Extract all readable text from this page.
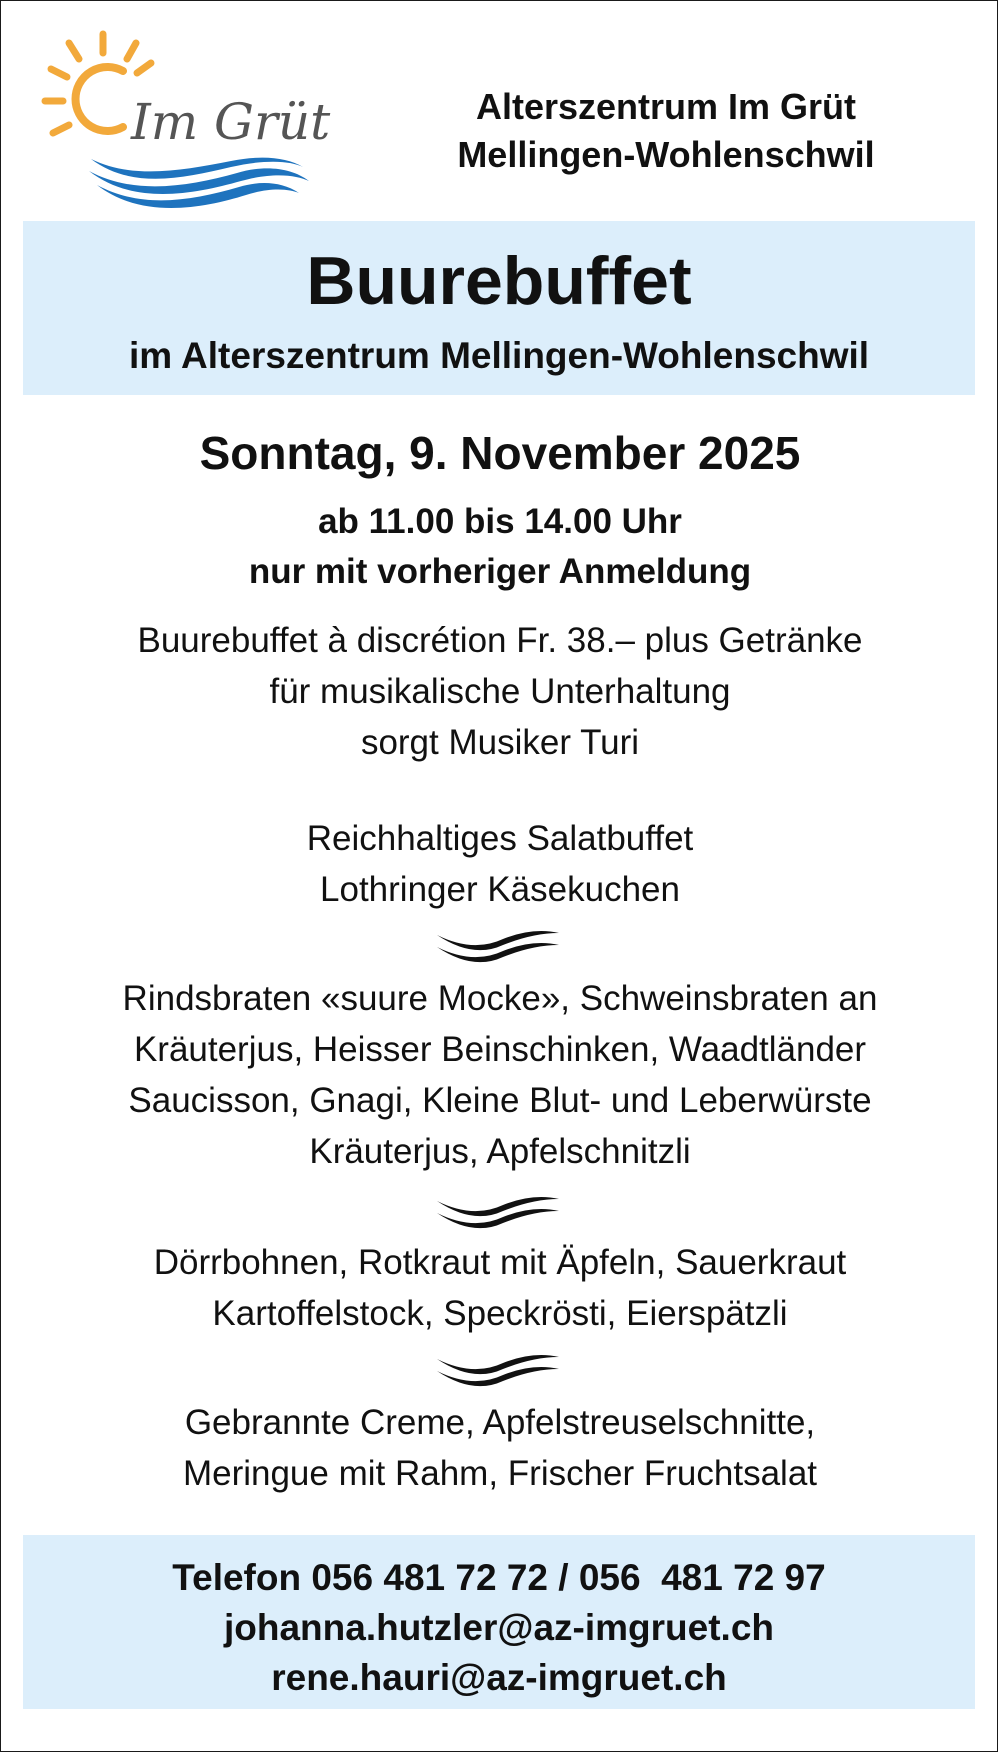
Im Grüt	Alterszentrum Im Grüt
Mellingen-Wohlenschwil
Buurebuffet
im Alterszentrum Mellingen-Wohlenschwil
Sonntag, 9. November 2025
ab 11.00 bis 14.00 Uhr
nur mit vorheriger Anmeldung
Buurebuffet à discrétion Fr. 38.– plus Getränke
für musikalische Unterhaltung
sorgt Musiker Turi
Reichhaltiges Salatbuffet
Lothringer Käsekuchen
Rindsbraten «suure Mocke», Schweinsbraten an
Kräuterjus, Heisser Beinschinken, Waadtländer
Saucisson, Gnagi, Kleine Blut- und Leberwürste
Kräuterjus, Apfelschnitzli
Dörrbohnen, Rotkraut mit Äpfeln, Sauerkraut
Kartoffelstock, Speckrösti, Eierspätzli
Gebrannte Creme, Apfelstreuselschnitte,
Meringue mit Rahm, Frischer Fruchtsalat
Telefon 056 481 72 72 / 056  481 72 97
johanna.hutzler@az-imgruet.ch
rene.hauri@az-imgruet.ch
